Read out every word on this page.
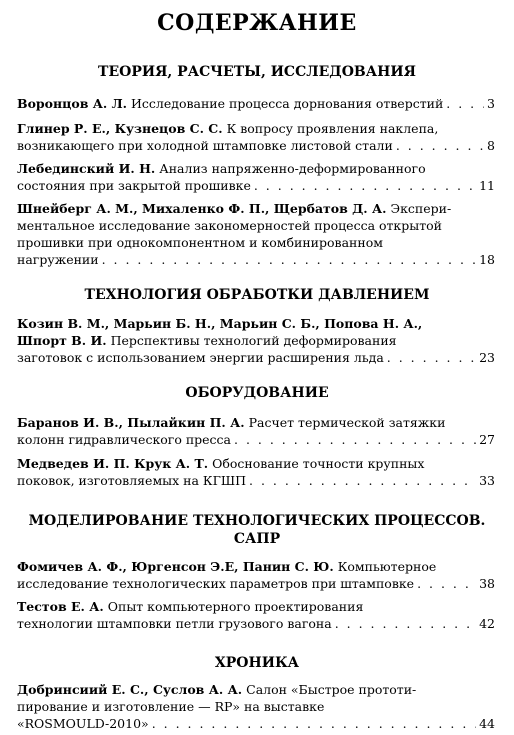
СОДЕРЖАНИЕ
ТЕОРИЯ, РАСЧЕТЫ, ИССЛЕДОВАНИЯ
Воронцов А. Л. Исследование процесса дорнования отверстий . . .	3
Глинер Р. Е., Кузнецов С. С.
К вопросу проявления наклепа,
возникающего при холодной штамповке листовой стали . . .	8
Лебединский И. Н.
Анализ напряженно-деформированного
состояния при закрытой прошивке . . .	11
Шнейберг А. М., Михаленко Ф. П., Щербатов Д. А.
Экспери-
ментальное исследование закономерностей процесса открытой
прошивки при однокомпонентном и комбинированном
нагружении . . .	18
ТЕХНОЛОГИЯ ОБРАБОТКИ ДАВЛЕНИЕМ
Козин В. М., Марьин Б. Н., Марьин С. Б., Попова Н. А.,
Шпорт В. И.
Перспективы технологий деформирования
заготовок с использованием энергии расширения льда . . .	23
ОБОРУДОВАНИЕ
Баранов И. В., Пылайкин П. А.
Расчет термической затяжки
колонн гидравлического пресса . . .	27
Медведев И. П. Крук А. Т.
Обоснование точности крупных
поковок, изготовляемых на КГШП . . .	33
МОДЕЛИРОВАНИЕ ТЕХНОЛОГИЧЕСКИХ ПРОЦЕССОВ.
САПР
Фомичев А. Ф., Юргенсон Э.Е, Панин С. Ю.
Компьютерное
исследование технологических параметров при штамповке . . .	38
Тестов Е. А.
Опыт компьютерного проектирования
технологии штамповки петли грузового вагона . . .	42
ХРОНИКА
Добринсиий Е. С., Суслов А. А.
Салон «Быстрое прототи-
пирование и изготовление — RP» на выставке
«ROSMOULD-2010» . . .	44
